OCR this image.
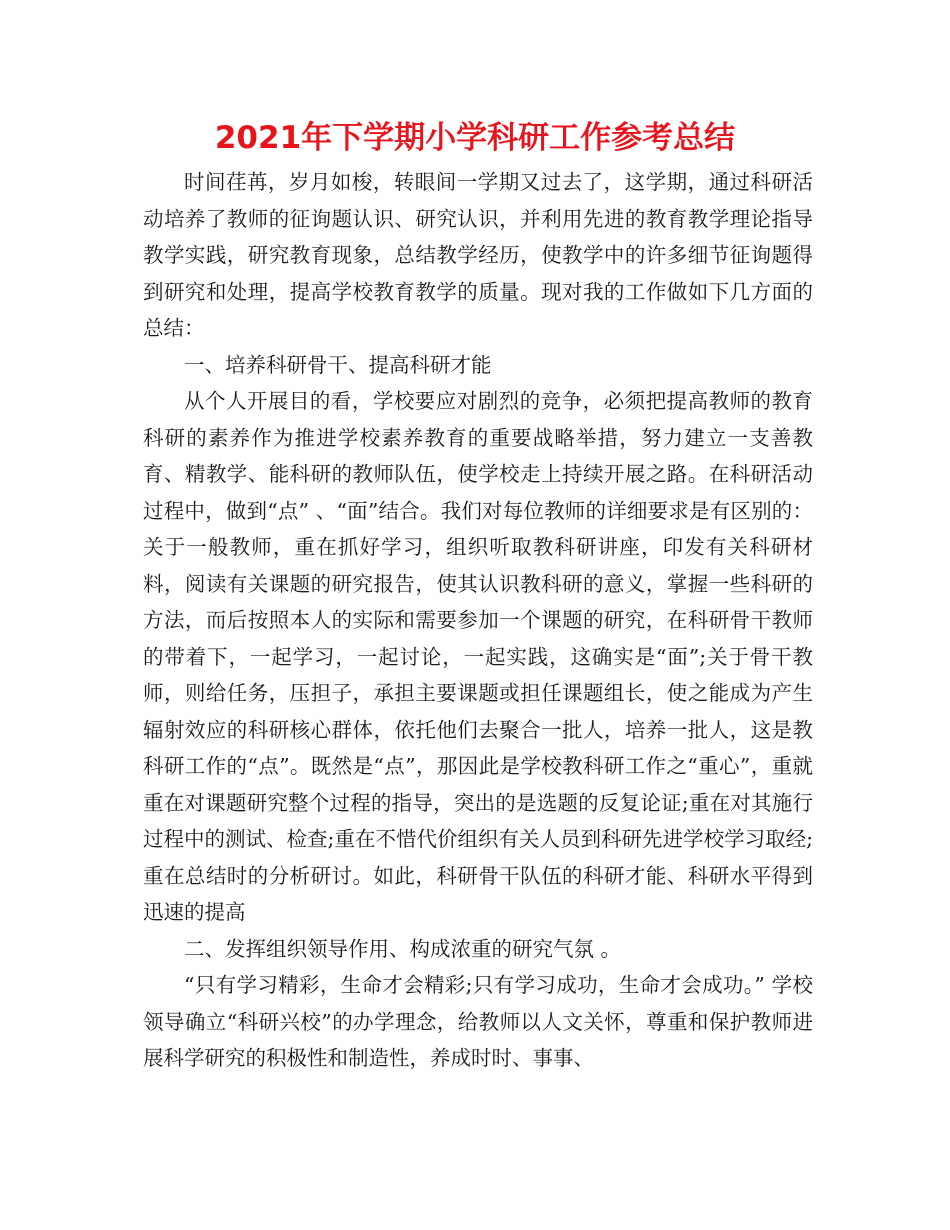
2021年下学期小学科研工作参考总结

时间荏苒，岁月如梭，转眼间一学期又过去了，这学期，通过科研活动培养了教师的征询题认识、研究认识，并利用先进的教育教学理论指导教学实践，研究教育现象，总结教学经历，使教学中的许多细节征询题得到研究和处理，提高学校教育教学的质量。现对我的工作做如下几方面的总结：

一、培养科研骨干、提高科研才能

从个人开展目的看，学校要应对剧烈的竞争，必须把提高教师的教育科研的素养作为推进学校素养教育的重要战略举措，努力建立一支善教育、精教学、能科研的教师队伍，使学校走上持续开展之路。在科研活动过程中，做到“点” 、“面”结合。我们对每位教师的详细要求是有区别的：关于一般教师，重在抓好学习，组织听取教科研讲座，印发有关科研材料，阅读有关课题的研究报告，使其认识教科研的意义，掌握一些科研的方法，而后按照本人的实际和需要参加一个课题的研究，在科研骨干教师的带着下，一起学习，一起讨论，一起实践，这确实是“面”;关于骨干教师，则给任务，压担子，承担主要课题或担任课题组长，使之能成为产生辐射效应的科研核心群体，依托他们去聚合一批人，培养一批人，这是教科研工作的“点”。既然是“点”，那因此是学校教科研工作之“重心”，重就重在对课题研究整个过程的指导，突出的是选题的反复论证;重在对其施行过程中的测试、检查;重在不惜代价组织有关人员到科研先进学校学习取经;重在总结时的分析研讨。如此，科研骨干队伍的科研才能、科研水平得到迅速的提高

二、发挥组织领导作用、构成浓重的研究气氛 。

“只有学习精彩，生命才会精彩;只有学习成功，生命才会成功。” 学校领导确立“科研兴校”的办学理念，给教师以人文关怀，尊重和保护教师进展科学研究的积极性和制造性，养成时时、事事、
